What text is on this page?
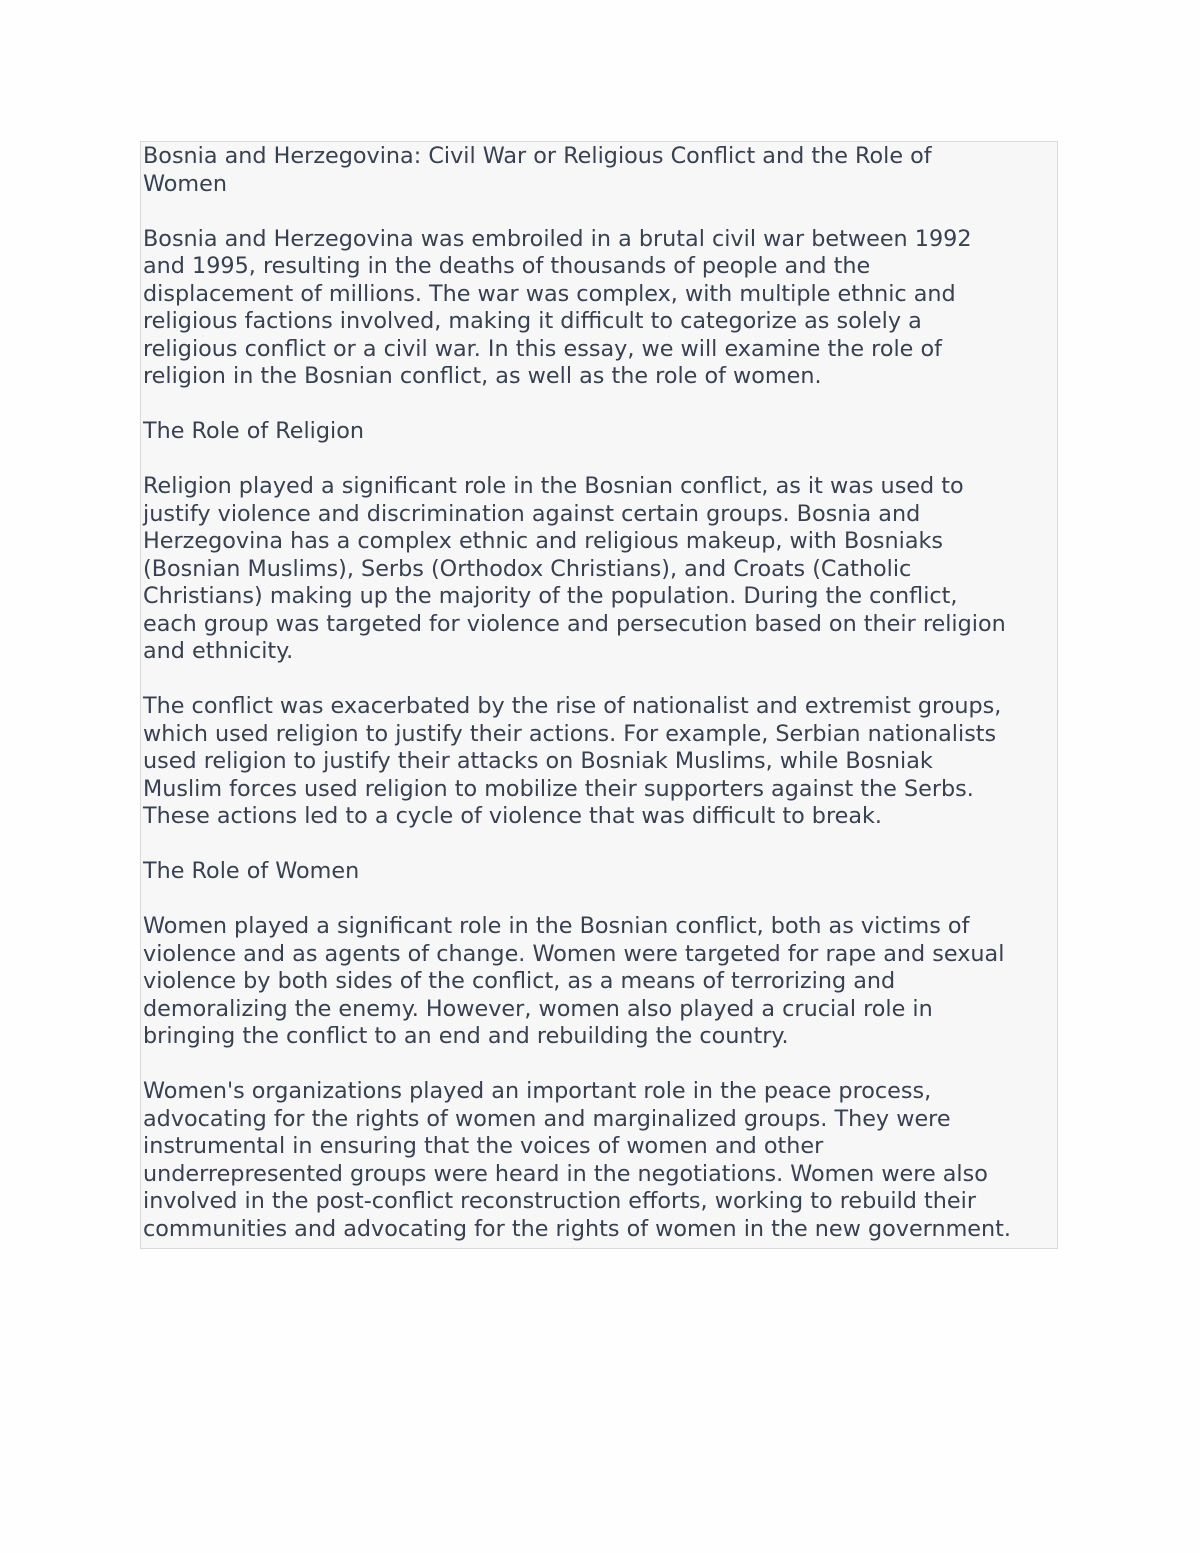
Bosnia and Herzegovina: Civil War or Religious Conflict and the Role of
Women
Bosnia and Herzegovina was embroiled in a brutal civil war between 1992
and 1995, resulting in the deaths of thousands of people and the
displacement of millions. The war was complex, with multiple ethnic and
religious factions involved, making it difficult to categorize as solely a
religious conflict or a civil war. In this essay, we will examine the role of
religion in the Bosnian conflict, as well as the role of women.
The Role of Religion
Religion played a significant role in the Bosnian conflict, as it was used to
justify violence and discrimination against certain groups. Bosnia and
Herzegovina has a complex ethnic and religious makeup, with Bosniaks
(Bosnian Muslims), Serbs (Orthodox Christians), and Croats (Catholic
Christians) making up the majority of the population. During the conflict,
each group was targeted for violence and persecution based on their religion
and ethnicity.
The conflict was exacerbated by the rise of nationalist and extremist groups,
which used religion to justify their actions. For example, Serbian nationalists
used religion to justify their attacks on Bosniak Muslims, while Bosniak
Muslim forces used religion to mobilize their supporters against the Serbs.
These actions led to a cycle of violence that was difficult to break.
The Role of Women
Women played a significant role in the Bosnian conflict, both as victims of
violence and as agents of change. Women were targeted for rape and sexual
violence by both sides of the conflict, as a means of terrorizing and
demoralizing the enemy. However, women also played a crucial role in
bringing the conflict to an end and rebuilding the country.
Women's organizations played an important role in the peace process,
advocating for the rights of women and marginalized groups. They were
instrumental in ensuring that the voices of women and other
underrepresented groups were heard in the negotiations. Women were also
involved in the post-conflict reconstruction efforts, working to rebuild their
communities and advocating for the rights of women in the new government.
